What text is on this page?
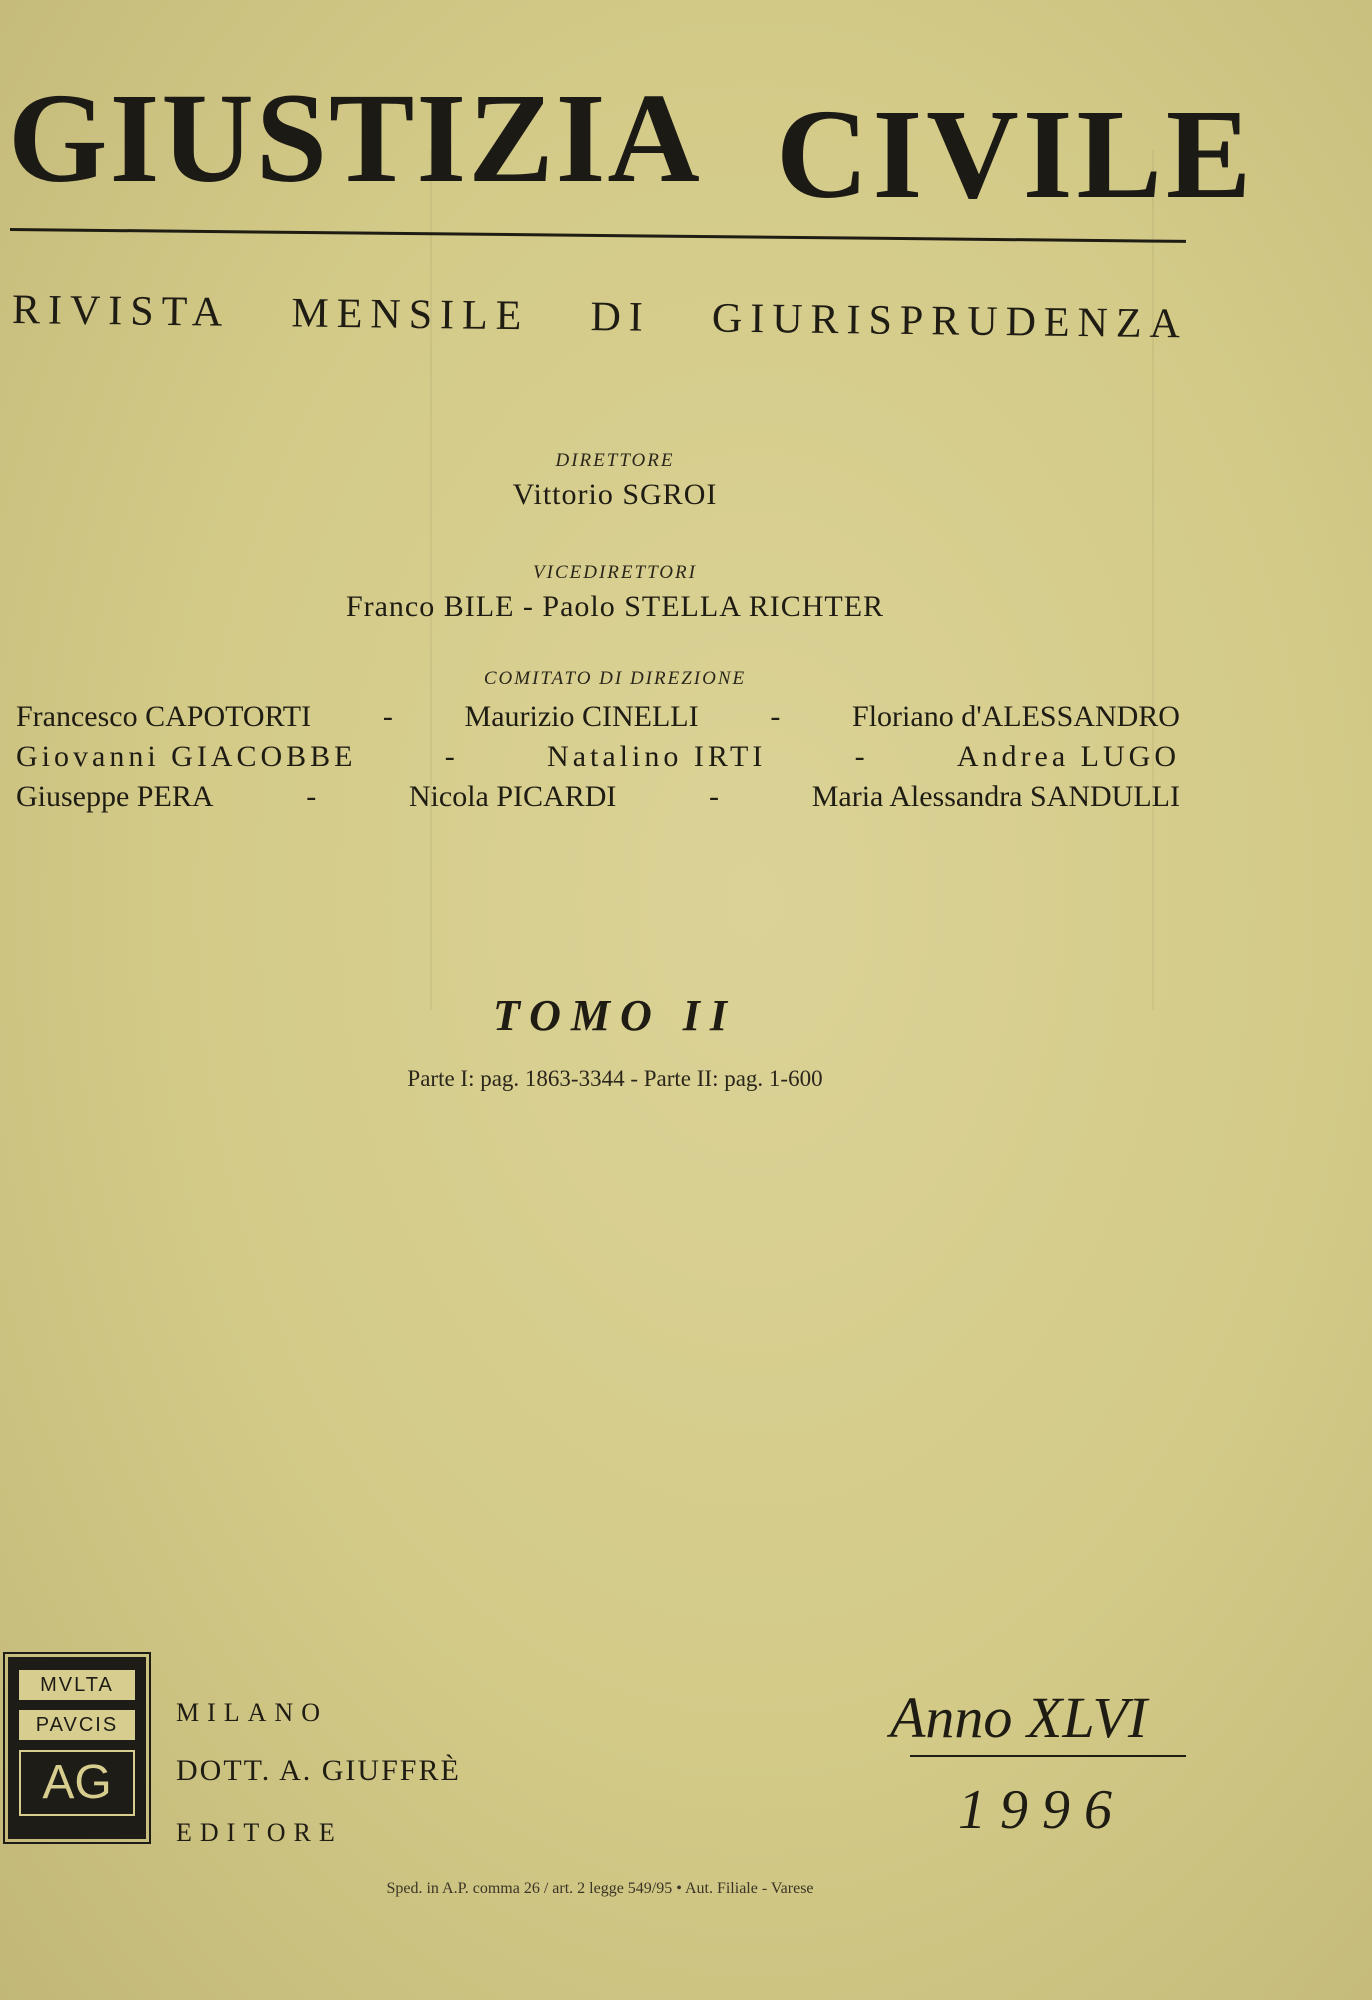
GIUSTIZIA CIVILE
RIVISTA MENSILE DI GIURISPRUDENZA
DIRETTORE
Vittorio SGROI
VICEDIRETTORI
Franco BILE - Paolo STELLA RICHTER
COMITATO DI DIREZIONE
Francesco CAPOTORTI - Maurizio CINELLI - Floriano d'ALESSANDRO
Giovanni GIACOBBE	-	Natalino IRTI	-	Andrea LUGO
Giuseppe PERA	-	Nicola PICARDI	-	Maria Alessandra SANDULLI
TOMO II
Parte I: pag. 1863-3344 - Parte II: pag. 1-600
MVLTA
PAVCIS
AG
MILANO
DOTT. A. GIUFFRÈ
EDITORE
Anno XLVI
1996
Sped. in A.P. comma 26 / art. 2 legge 549/95 • Aut. Filiale - Varese
